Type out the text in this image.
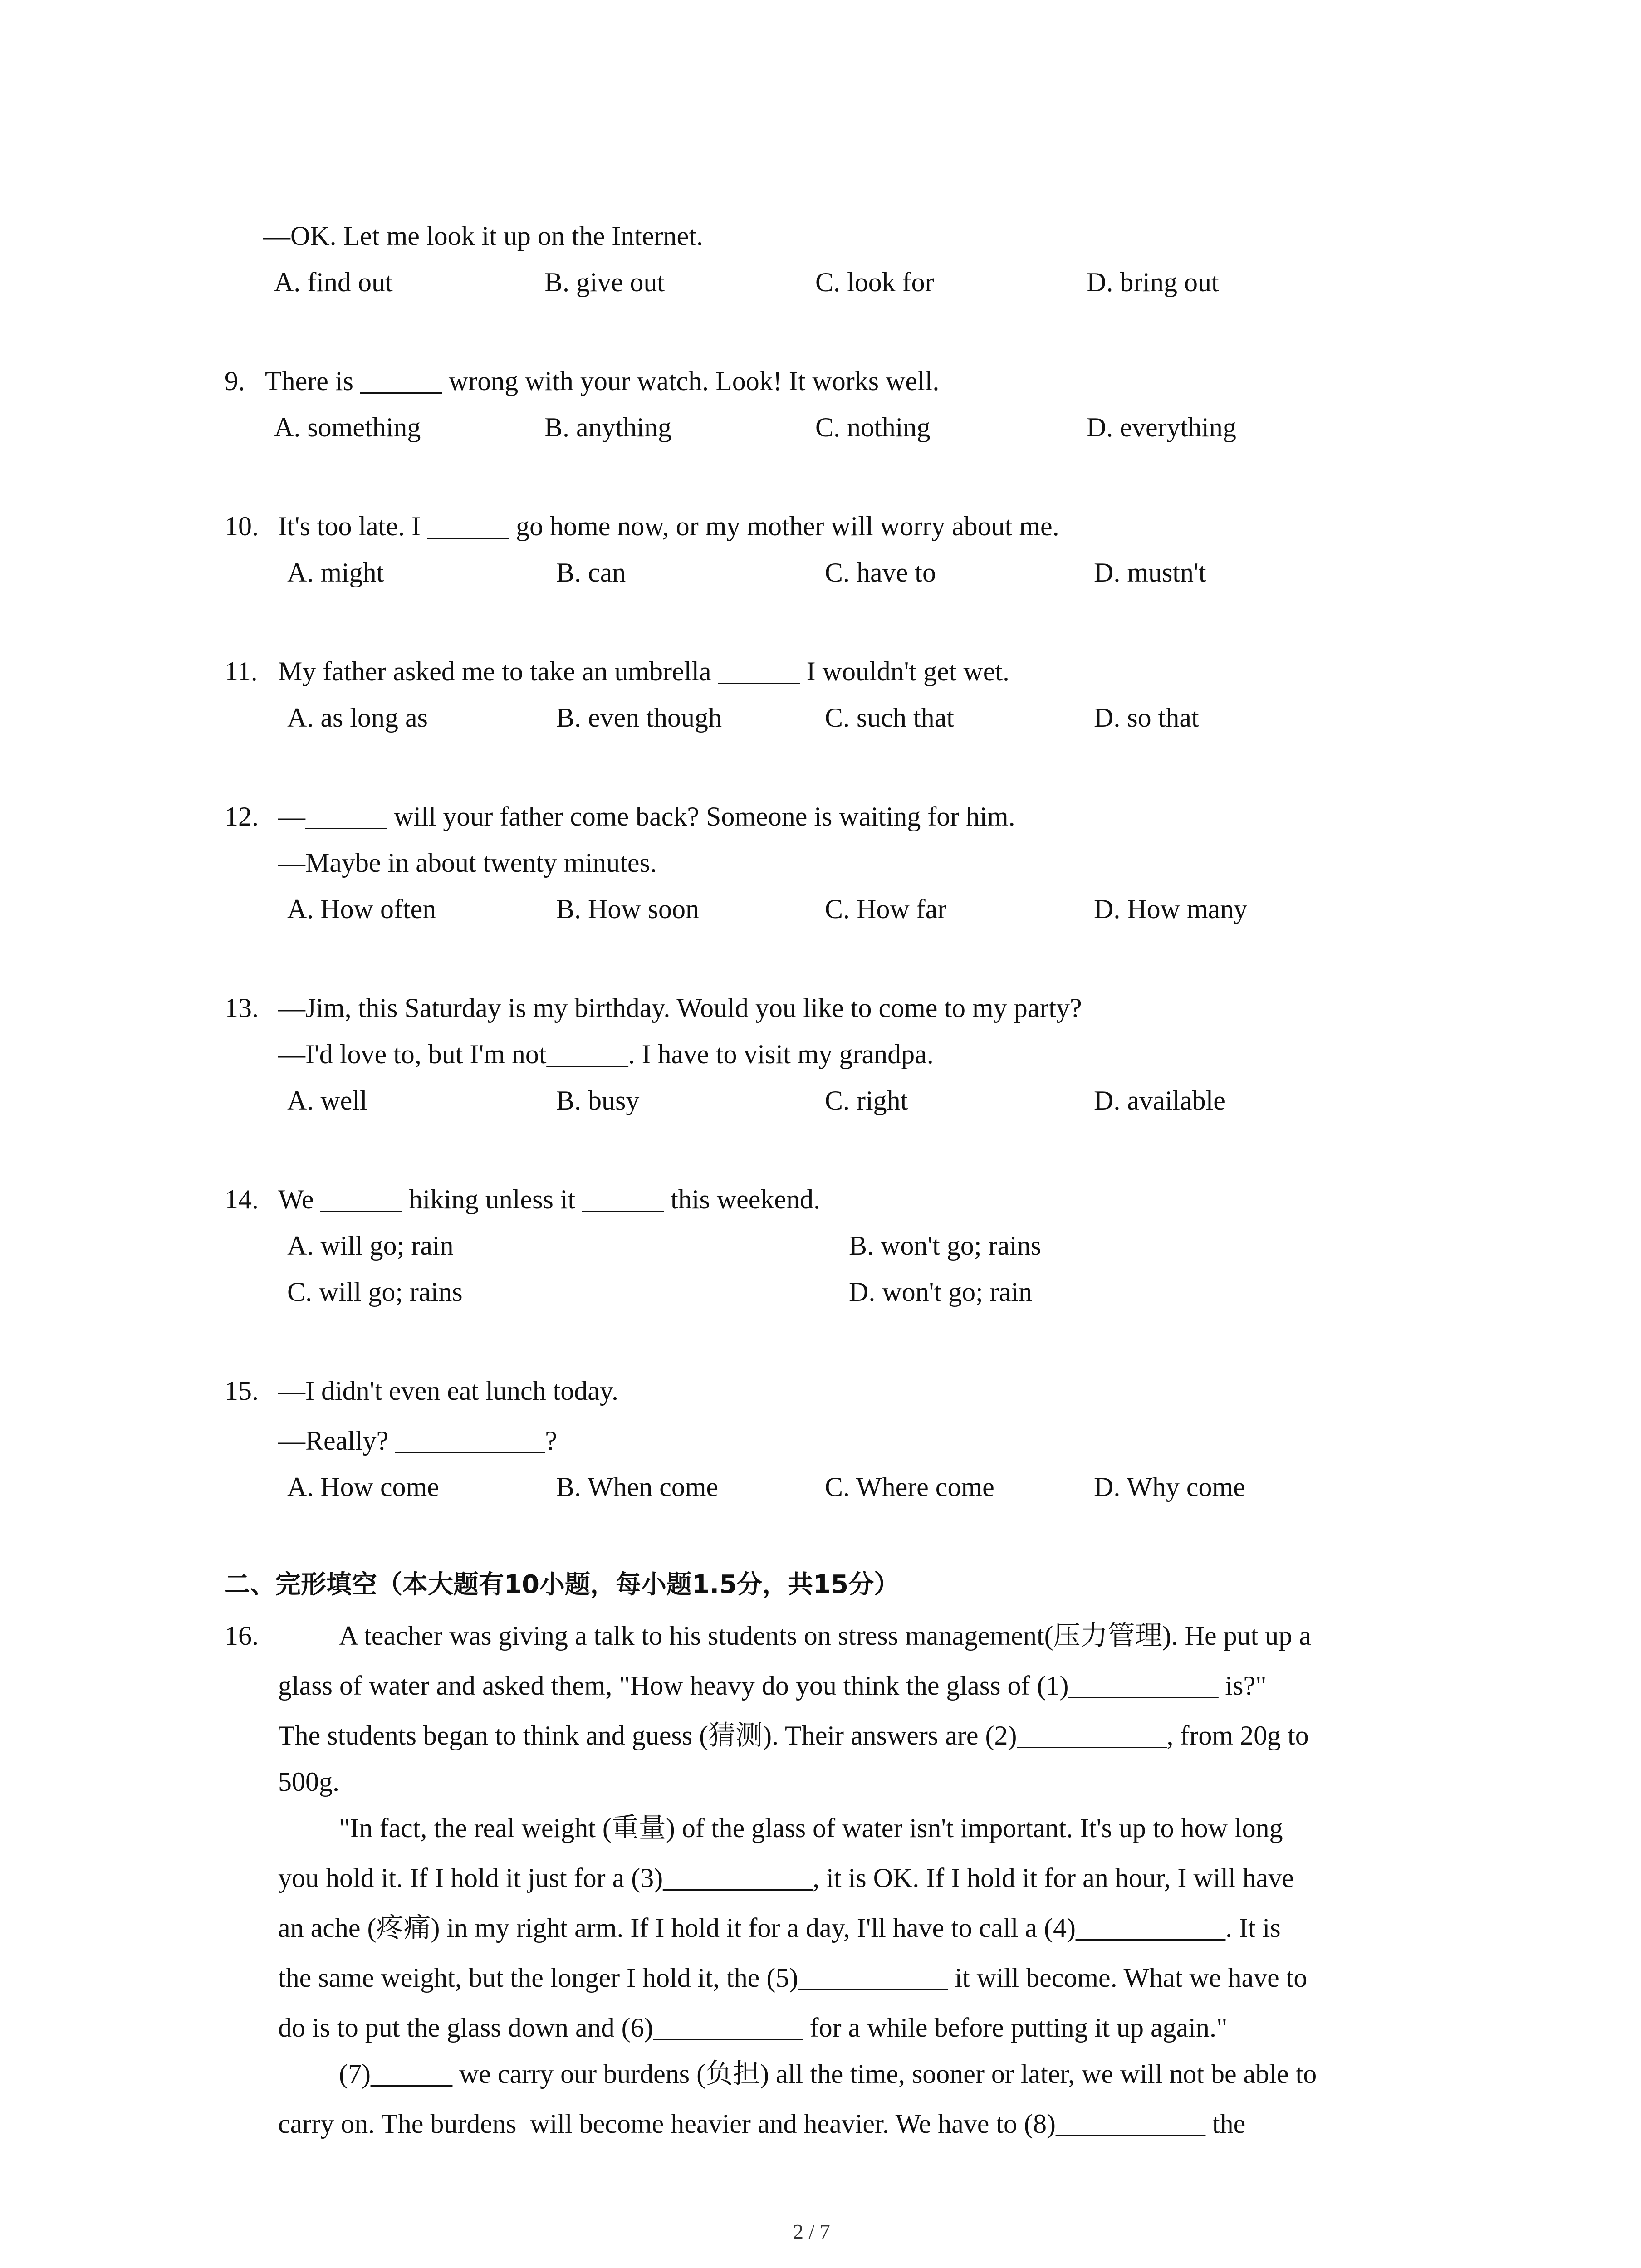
—OK. Let me look it up on the Internet.
A. find out	B. give out	C. look for	D. bring out
9. There is ______ wrong with your watch. Look! It works well.
A. something	B. anything	C. nothing	D. everything
10. It's too late. I ______ go home now, or my mother will worry about me.
A. might	B. can	C. have to	D. mustn't
11. My father asked me to take an umbrella ______ I wouldn't get wet.
A. as long as	B. even though	C. such that	D. so that
12. —______ will your father come back? Someone is waiting for him.
—Maybe in about twenty minutes.
A. How often	B. How soon	C. How far	D. How many
13. —Jim, this Saturday is my birthday. Would you like to come to my party?
—I'd love to, but I'm not______. I have to visit my grandpa.
A. well	B. busy	C. right	D. available
14. We ______ hiking unless it ______ this weekend.
A. will go; rain	B. won't go; rains
C. will go; rains	D. won't go; rain
15. —I didn't even eat lunch today.
—Really? ___________?
A. How come	B. When come	C. Where come	D. Why come
二、完形填空（本大题有10小题，每小题1.5分，共15分）
16.	A teacher was giving a talk to his students on stress management(压力管理). He put up a
glass of water and asked them, "How heavy do you think the glass of (1)___________ is?"
The students began to think and guess (猜测). Their answers are (2)___________, from 20g to
500g.
"In fact, the real weight (重量) of the glass of water isn't important. It's up to how long
you hold it. If I hold it just for a (3)___________, it is OK. If I hold it for an hour, I will have
an ache (疼痛) in my right arm. If I hold it for a day, I'll have to call a (4)___________. It is
the same weight, but the longer I hold it, the (5)___________ it will become. What we have to
do is to put the glass down and (6)___________ for a while before putting it up again."
(7)______ we carry our burdens (负担) all the time, sooner or later, we will not be able to
carry on. The burdens  will become heavier and heavier. We have to (8)___________ the
2 / 7
